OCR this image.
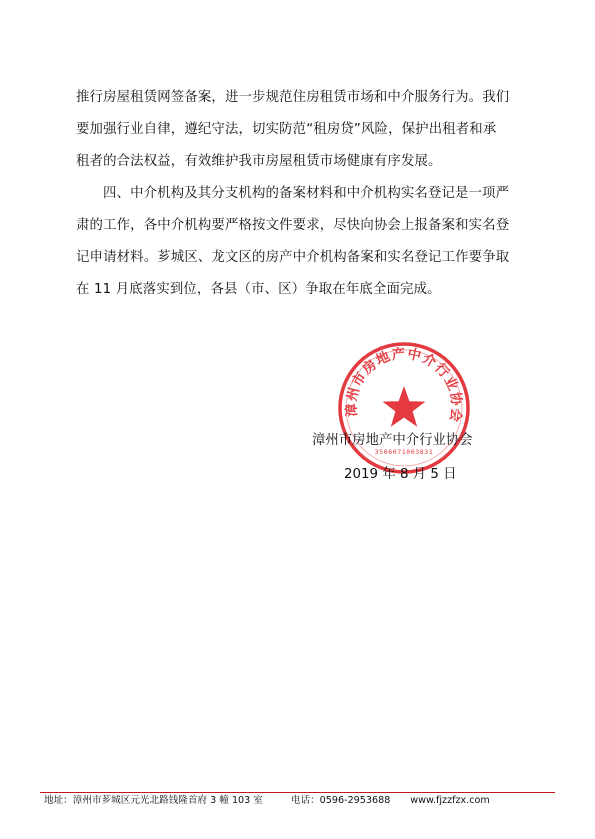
推行房屋租赁网签备案，进一步规范住房租赁市场和中介服务行为。我们
要加强行业自律，遵纪守法，切实防范“租房贷”风险，保护出租者和承
租者的合法权益，有效维护我市房屋租赁市场健康有序发展。
四、中介机构及其分支机构的备案材料和中介机构实名登记是一项严
肃的工作，各中介机构要严格按文件要求，尽快向协会上报备案和实名登
记申请材料。芗城区、龙文区的房产中介机构备案和实名登记工作要争取
在 11 月底落实到位，各县（市、区）争取在年底全面完成。
漳州市房地产中介行业协会
3506071003831
漳州市房地产中介行业协会
2019 年 8 月 5 日
地址：漳州市芗城区元光北路钱隆首府 3 幢 103 室	电话：0596-2953688 www.fjzzfzx.com
